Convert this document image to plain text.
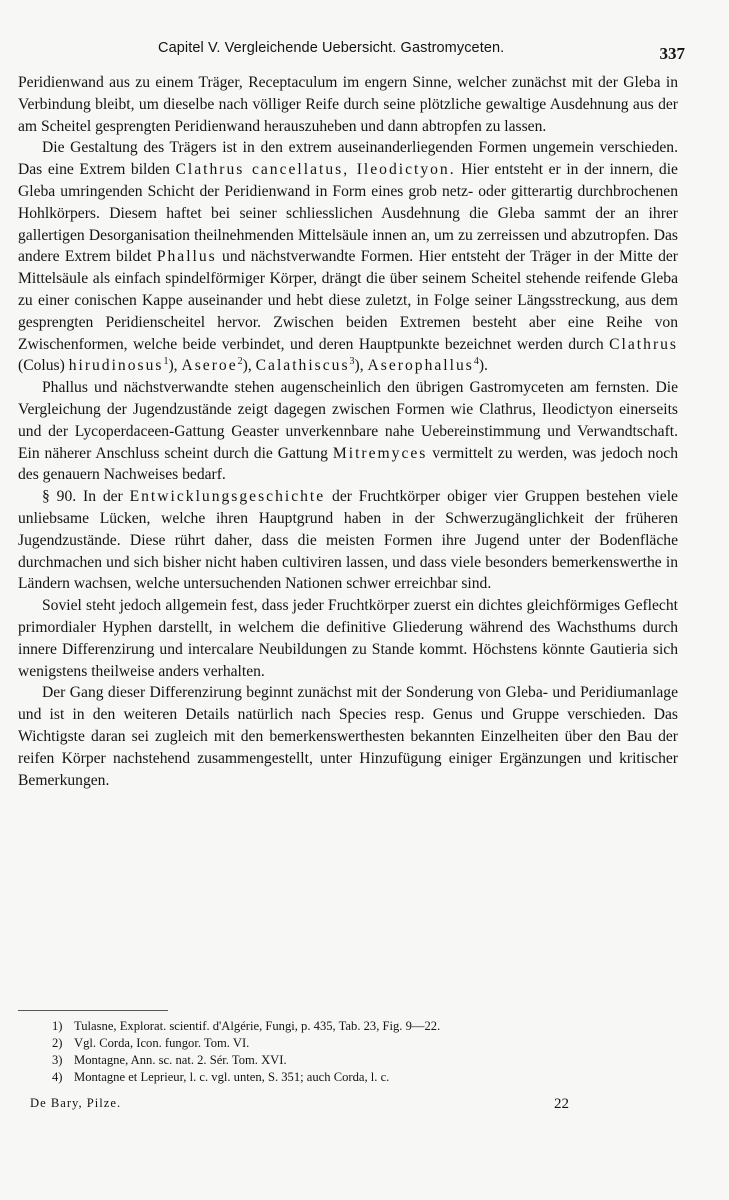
Capitel V. Vergleichende Uebersicht. Gastromyceten.	337

Peridienwand aus zu einem Träger, Receptaculum im engern Sinne, welcher zunächst mit der Gleba in Verbindung bleibt, um dieselbe nach völliger Reife durch seine plötzliche gewaltige Ausdehnung aus der am Scheitel gesprengten Peridienwand herauszuheben und dann abtropfen zu lassen.

Die Gestaltung des Trägers ist in den extrem auseinanderliegenden Formen ungemein verschieden. Das eine Extrem bilden Clathrus cancellatus, Ileodictyon. Hier entsteht er in der innern, die Gleba umringenden Schicht der Peridienwand in Form eines grob netz- oder gitterartig durchbrochenen Hohlkörpers. Diesem haftet bei seiner schliesslichen Ausdehnung die Gleba sammt der an ihrer gallertigen Desorganisation theilnehmenden Mittelsäule innen an, um zu zerreissen und abzutropfen. Das andere Extrem bildet Phallus und nächstverwandte Formen. Hier entsteht der Träger in der Mitte der Mittelsäule als einfach spindelförmiger Körper, drängt die über seinem Scheitel stehende reifende Gleba zu einer conischen Kappe auseinander und hebt diese zuletzt, in Folge seiner Längsstreckung, aus dem gesprengten Peridienscheitel hervor. Zwischen beiden Extremen besteht aber eine Reihe von Zwischenformen, welche beide verbindet, und deren Hauptpunkte bezeichnet werden durch Clathrus (Colus) hirudinosus$^1$), Aseroe$^2$), Calathiscus$^3$), Aserophallus$^4$).

Phallus und nächstverwandte stehen augenscheinlich den übrigen Gastromyceten am fernsten. Die Vergleichung der Jugendzustände zeigt dagegen zwischen Formen wie Clathrus, Ileodictyon einerseits und der Lycoperdaceen-Gattung Geaster unverkennbare nahe Uebereinstimmung und Verwandtschaft. Ein näherer Anschluss scheint durch die Gattung Mitremyces vermittelt zu werden, was jedoch noch des genauern Nachweises bedarf.

§ 90. In der Entwicklungsgeschichte der Fruchtkörper obiger vier Gruppen bestehen viele unliebsame Lücken, welche ihren Hauptgrund haben in der Schwerzugänglichkeit der früheren Jugendzustände. Diese rührt daher, dass die meisten Formen ihre Jugend unter der Bodenfläche durchmachen und sich bisher nicht haben cultiviren lassen, und dass viele besonders bemerkenswerthe in Ländern wachsen, welche untersuchenden Nationen schwer erreichbar sind.

Soviel steht jedoch allgemein fest, dass jeder Fruchtkörper zuerst ein dichtes gleichförmiges Geflecht primordialer Hyphen darstellt, in welchem die definitive Gliederung während des Wachsthums durch innere Differenzirung und intercalare Neubildungen zu Stande kommt. Höchstens könnte Gautieria sich wenigstens theilweise anders verhalten.

Der Gang dieser Differenzirung beginnt zunächst mit der Sonderung von Gleba- und Peridiumanlage und ist in den weiteren Details natürlich nach Species resp. Genus und Gruppe verschieden. Das Wichtigste daran sei zugleich mit den bemerkenswerthesten bekannten Einzelheiten über den Bau der reifen Körper nachstehend zusammengestellt, unter Hinzufügung einiger Ergänzungen und kritischer Bemerkungen.

1) Tulasne, Explorat. scientif. d'Algérie, Fungi, p. 435, Tab. 23, Fig. 9—22.
2) Vgl. Corda, Icon. fungor. Tom. VI.
3) Montagne, Ann. sc. nat. 2. Sér. Tom. XVI.
4) Montagne et Leprieur, l. c. vgl. unten, S. 351; auch Corda, l. c.
De Bary, Pilze.	22
